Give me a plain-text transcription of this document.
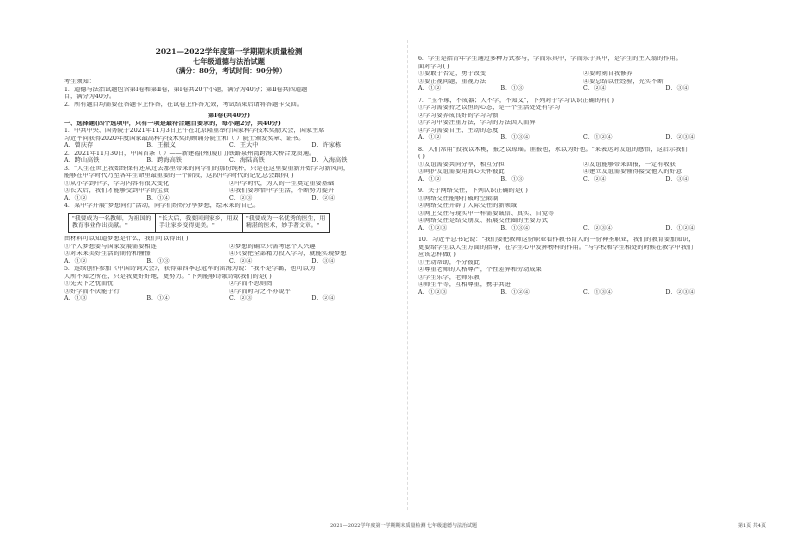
2021—2022学年度第一学期期末质量检测
七年级道德与法治试题
（满分：80分，考试时间：90分钟）
考生须知：
1．道德与法治试题包含第Ⅰ卷和第Ⅱ卷，第Ⅰ卷共20个小题，满分为40分；第Ⅱ卷共四道题
目，满分为40分。
2．所有题目均需要在答题卡上作答，在试卷上作答无效，考试结束后请将答题卡交回。
第Ⅰ卷(共40分)
一、选择题(四个选项中，只有一项是最符合题目要求的，每小题2分，共40分)
1．中共中央、国务院于2021年11月3日上午在北京隆重举行国家科学技术奖励大会，国家主席
习近平向获得2020年度国家最高科学技术奖的顾诵芬院士和（ ）院士颁发奖章、证书。
A．曾庆存	B．王振义	C．王大中	D．许家栋
2．2021年11月30日，中国首条（ ）——新建福(州)厦(门)铁路泉州湾跨海大桥合龙贯通。
A．跨山高铁	B．跨海高铁	C．海陆高铁	D．入海高铁
3．"人生在世上我始终保有还从过去那里带来的同学们的那份纯朴，只是在这里要重新开始学习新风尚，
能够在中学时代乃至各年生命里最重要的一个阶段，这段中学时代的记忆总会跟你( )
①从小学到中学，学习内容有很大变化	②中学时代，为人的一生奠定重要基础
③长大后，我们才能够受到中学的宝贵	④我们要珍惜中学生活，不断努力提升
A．①②	B．①④	C．②③	D．②④
4．某中学开展"梦想同行"活动，同学们纷纷分享梦想，绘未来的自己。
"我要成为一名教师，为祖国的教育事业作出贡献。"	"长大后，我要回到家乡，用双手让家乡变得更美。"	"我要成为一名优秀的医生，用精湛的医术，妙手著文章。"
由材料可以知道梦想是什么，我们可以得出( )
①个人梦想要与国家发展需要相连	②梦想的确立只需考虑个人兴趣
③对未来美好生活的期待和憧憬	④只要把全部精力投入学习，就能实现梦想
A．①②	B．①③	C．②④	D．③④
5．连续创作参加《中国诗词大会》，获得第四季总冠军的雷海为说："我不是学霸，也可以为
人所不知之所在，只是我更好好地，更努力。"下列能够诗歌诗歌我们的是( )
①先天下之忧而忧	②学而不思则罔
③好学而不厌能于行	④学而时习之不亦说乎
A．①③	B．①④	C．②③	D．②④
6．学生是指青年学生通过多种方式参与，学而乐其中，学而乐于其中，是学生的主人翁的作用。
面对学习( )
①要敢于否定，勇于改变	②要时刻自我修养
③要正视问题，重视方法	④要总结以往经验，充实不断
A．①②	B．①③	C．②④	D．③④
7．"玉不琢，不成器；人不学，不知义"，下列对于学习认识正确的有( )
①学习需要持之以恒的心态，是一个生活处处有学习
②学习要养成良好的学习习惯
③学习中要注重方法，学习的方法因人而异
④学习需要自主、主动的态度
A．①②	B．①③④	C．①②④	D．②③④
8．人们常用"投我以木桃，报之以琼瑶。匪报也，永以为好也。"来表达对友谊的感悟，这启示我们
( )
①友谊需要共同分享，相互分担	②友谊能够带来回报，一定有收获
③呵护友谊需要用真心关怀彼此	④建立友谊需要懂得接受他人的好意
A．①②	B．①③	C．②④	D．③④
9．关于网络交往，下列认识正确的是( )
①网络交往能够打破时空限制
②网络交往开辟了人际交往的新领域
③网上交往与现实中一样需要诚信、真实、自觉等
④网络交往是结交朋友、拓展交往圈的主要方式
A．①②③	B．①③④	C．②③④	D．①②④
10．习近平总书记说："我们要把教师这份职业看作教书育人的一份神圣职业，我们的教育要加知识，
更要给学生以人生方面的指导，在学生心中发挥榜样的作用。"与学校和学生相处的时候在教学中我们
应该怎样做( )
①主动帮助，不分彼此
②尊重老师的人格尊严，个性差异和劳动成果
③学生乐学，老师乐教
④师生平等，互相尊重，携手共进
A．①②③	B．①②④	C．①③④	D．②③④
2021—2022学年度第一学期期末质量检测 七年级道德与法治试题	第1页 共4页
